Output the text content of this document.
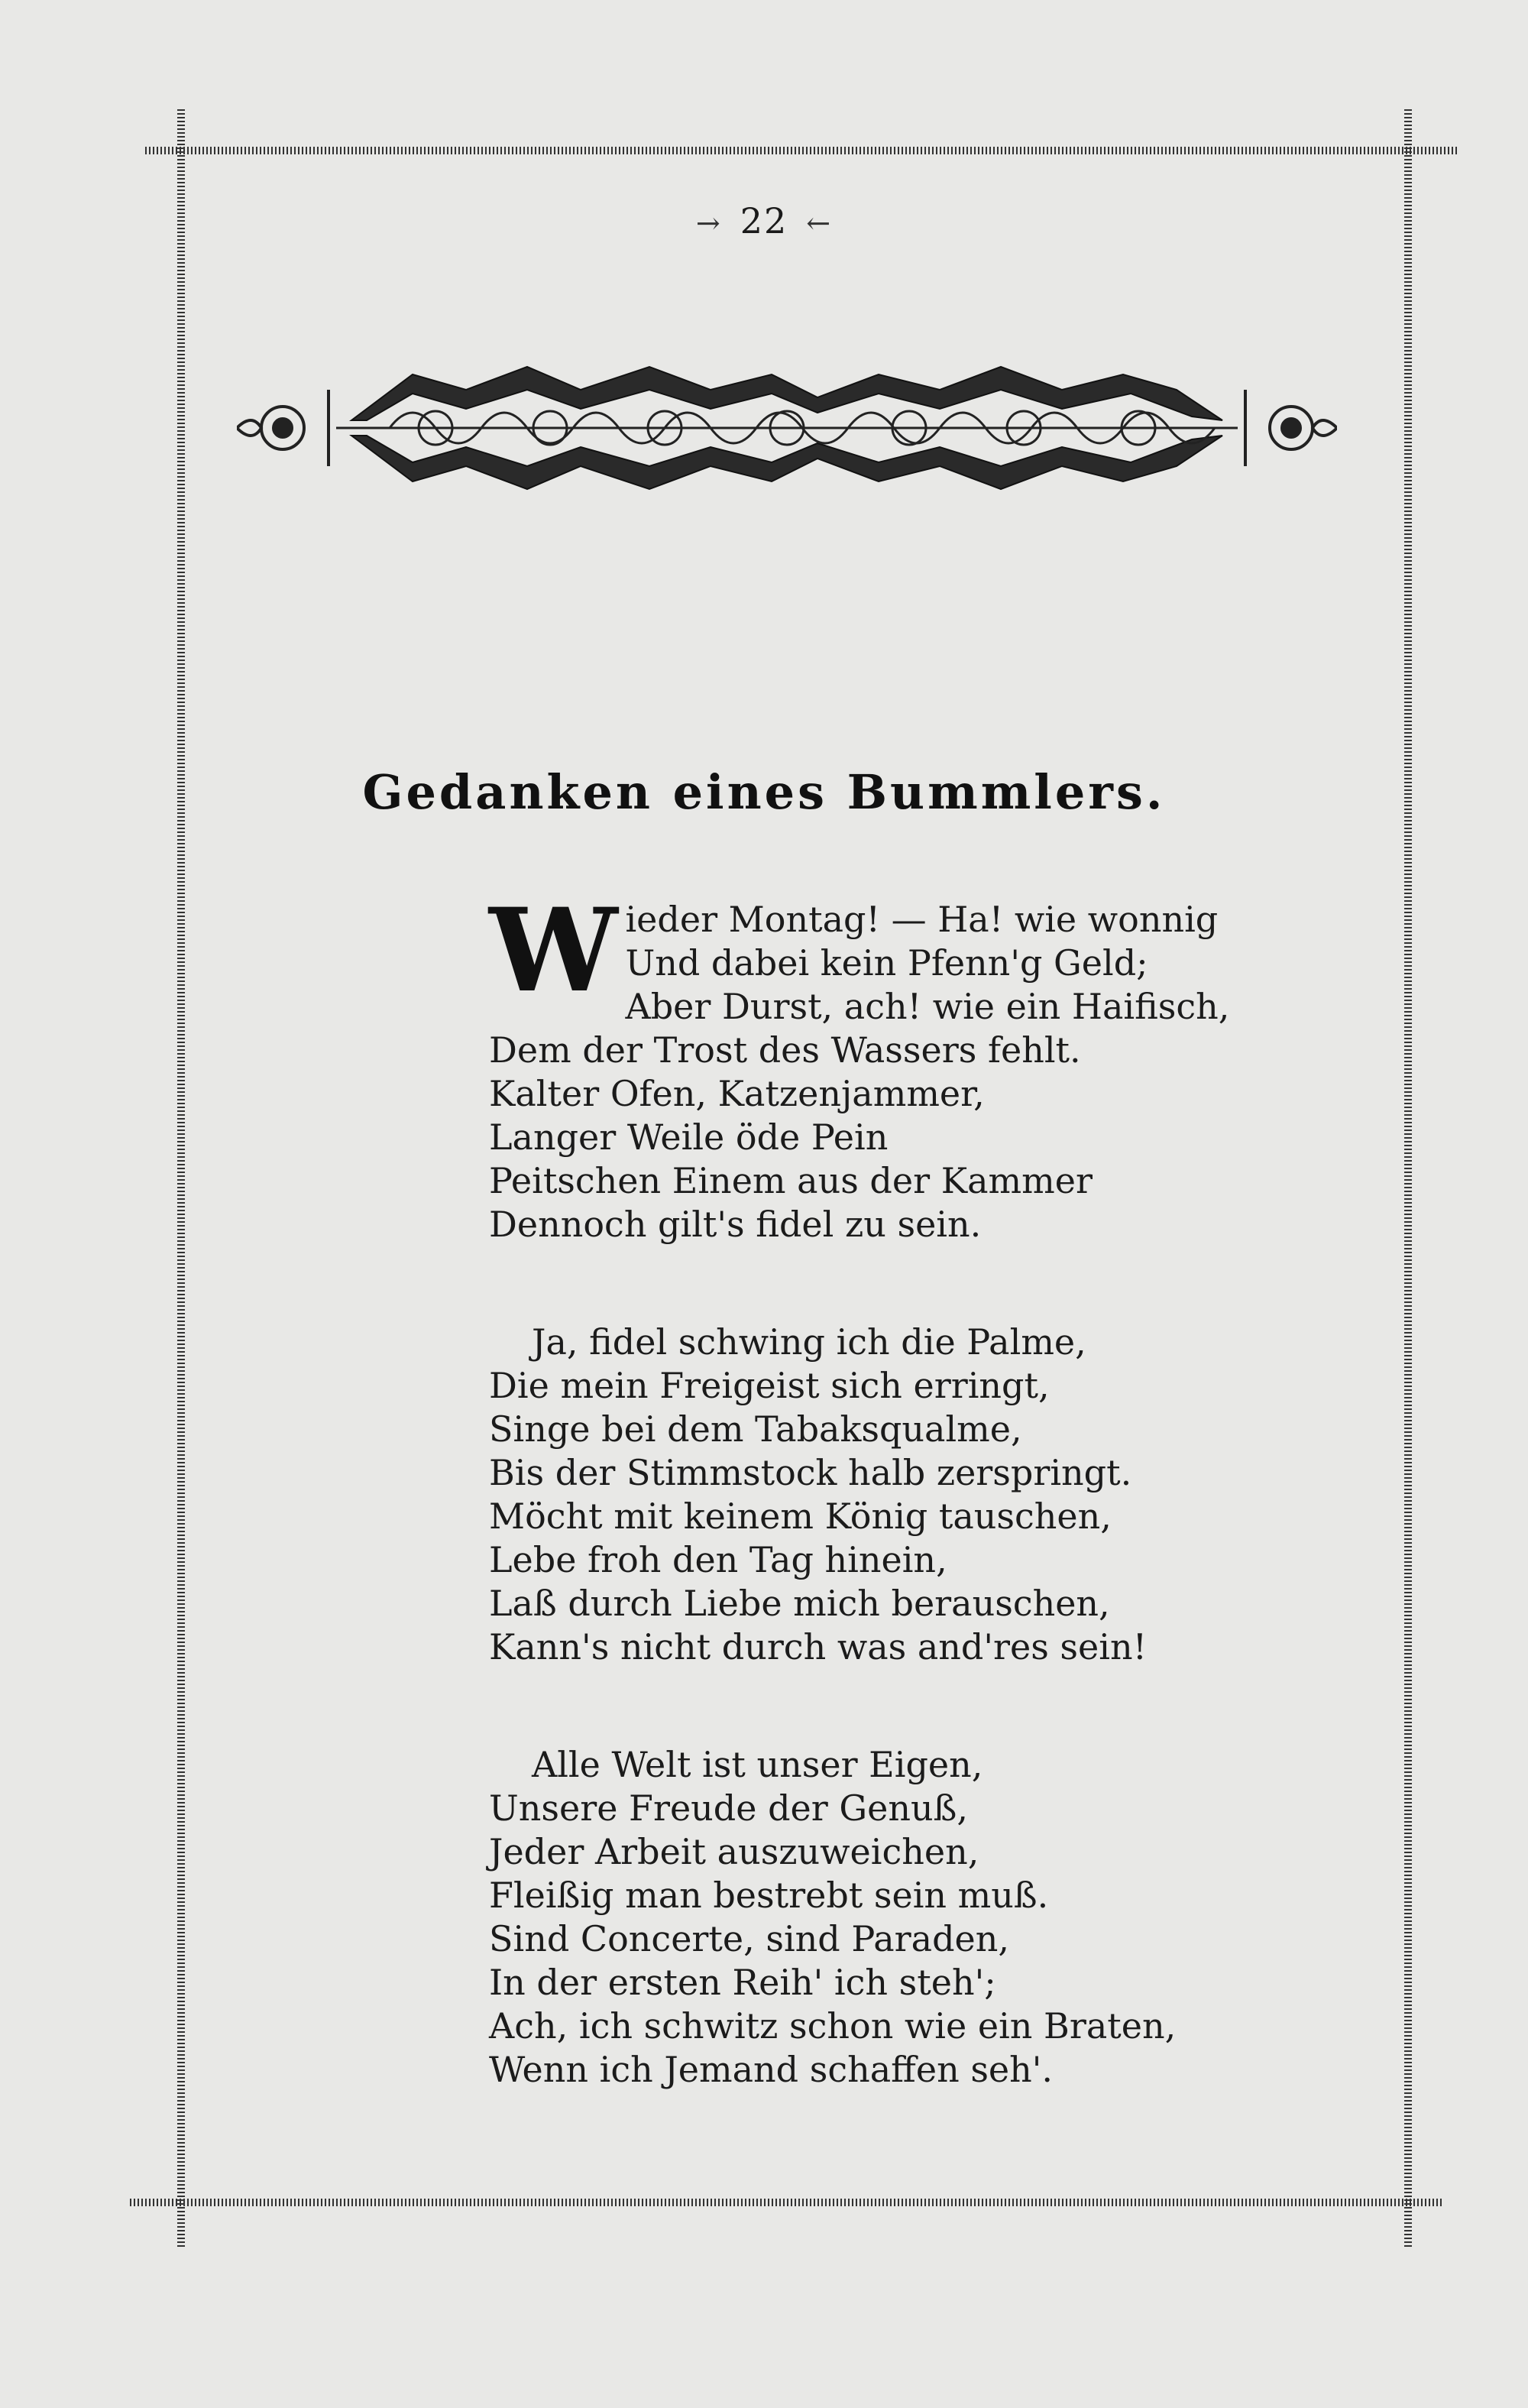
→ 22 ←
Gedanken eines Bummlers.
W ieder Montag! — Ha! wie wonnig
Und dabei kein Pfenn'g Geld;
Aber Durst, ach! wie ein Haifisch,
Dem der Trost des Wassers fehlt.
Kalter Ofen, Katzenjammer,
Langer Weile öde Pein
Peitschen Einem aus der Kammer
Dennoch gilt's fidel zu sein.
Ja, fidel schwing ich die Palme,
Die mein Freigeist sich erringt,
Singe bei dem Tabaksqualme,
Bis der Stimmstock halb zerspringt.
Möcht mit keinem König tauschen,
Lebe froh den Tag hinein,
Laß durch Liebe mich berauschen,
Kann's nicht durch was and'res sein!
Alle Welt ist unser Eigen,
Unsere Freude der Genuß,
Jeder Arbeit auszuweichen,
Fleißig man bestrebt sein muß.
Sind Concerte, sind Paraden,
In der ersten Reih' ich steh';
Ach, ich schwitz schon wie ein Braten,
Wenn ich Jemand schaffen seh'.
